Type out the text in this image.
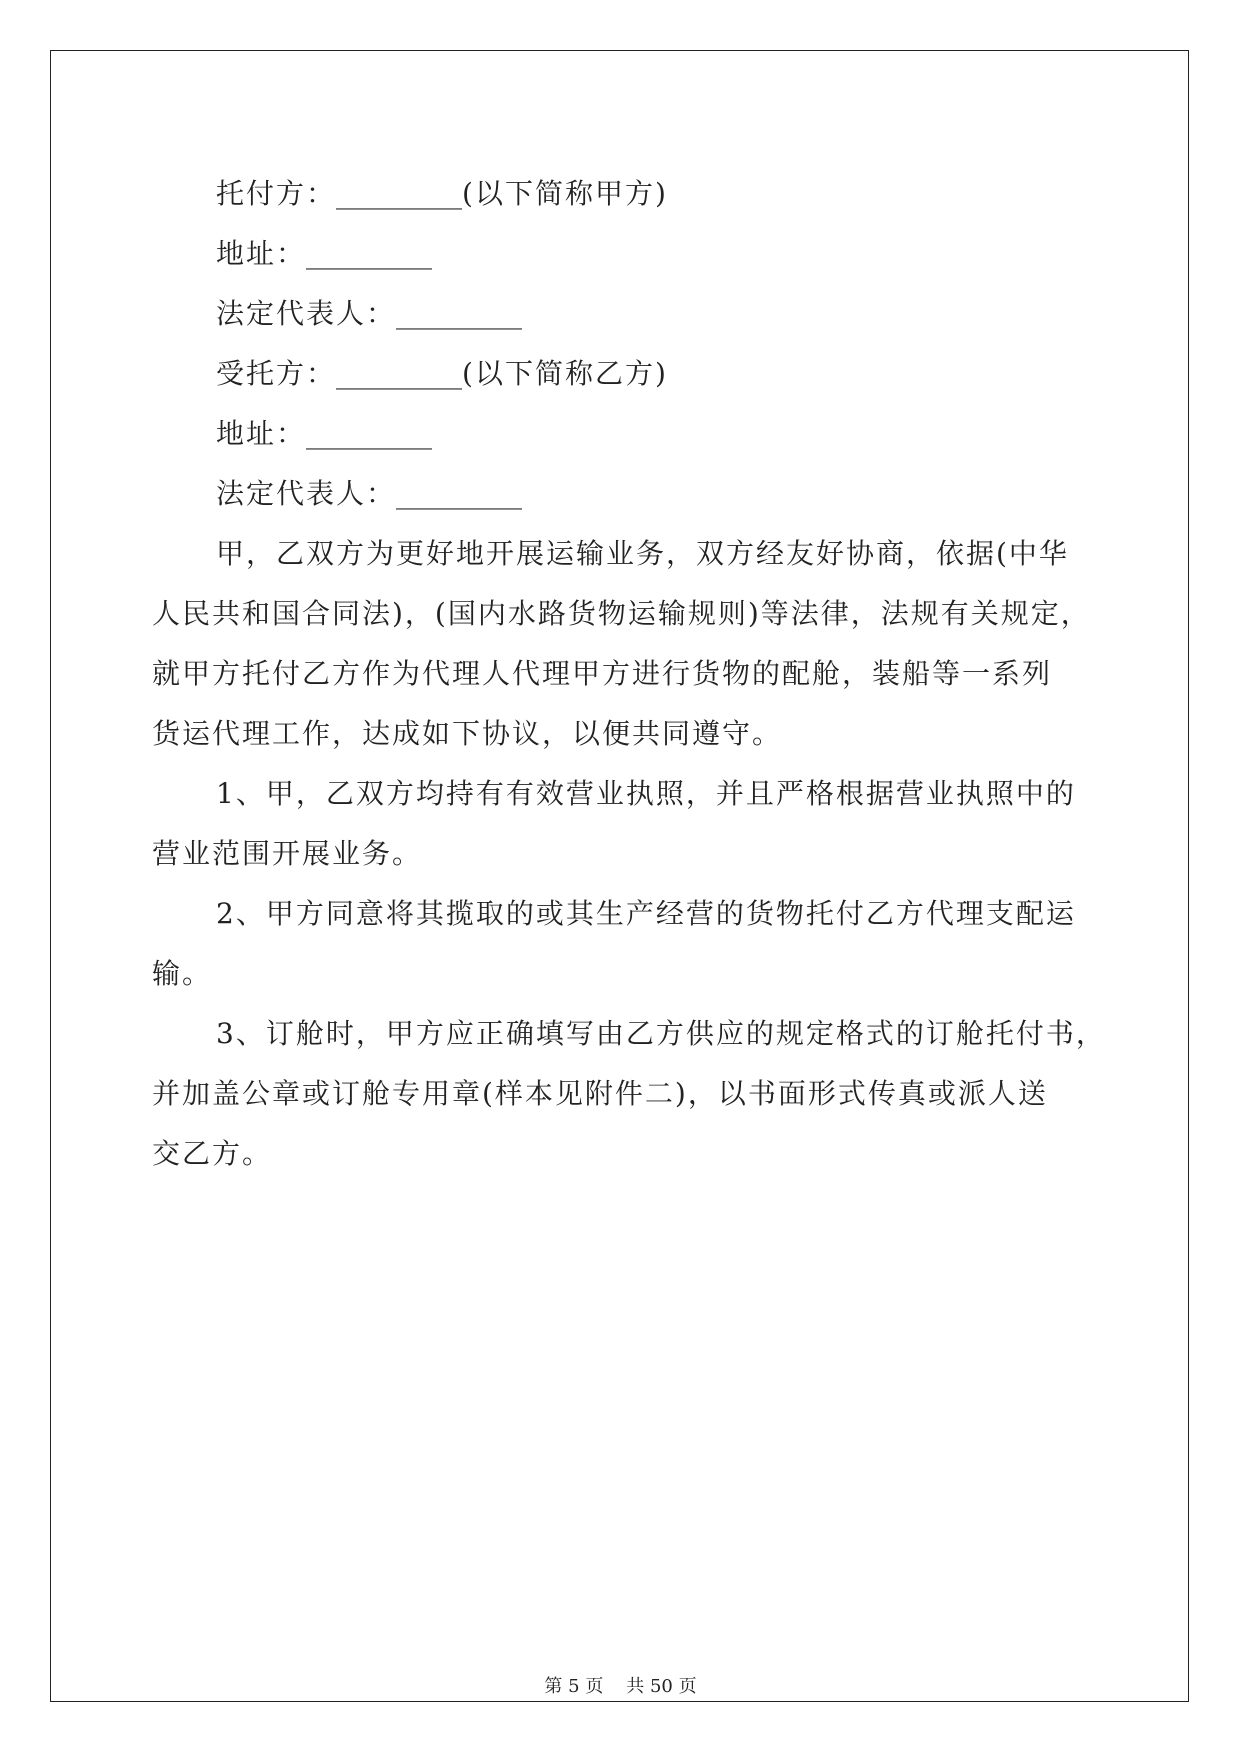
托付方：_________(以下简称甲方)
地址：_________
法定代表人：_________
受托方：_________(以下简称乙方)
地址：_________
法定代表人：_________
甲，乙双方为更好地开展运输业务，双方经友好协商，依据(中华
人民共和国合同法)，(国内水路货物运输规则)等法律，法规有关规定，
就甲方托付乙方作为代理人代理甲方进行货物的配舱，装船等一系列
货运代理工作，达成如下协议，以便共同遵守。
1、甲，乙双方均持有有效营业执照，并且严格根据营业执照中的
营业范围开展业务。
2、甲方同意将其揽取的或其生产经营的货物托付乙方代理支配运
输。
3、订舱时，甲方应正确填写由乙方供应的规定格式的订舱托付书，
并加盖公章或订舱专用章(样本见附件二)，以书面形式传真或派人送
交乙方。
第 5 页 共 50 页
